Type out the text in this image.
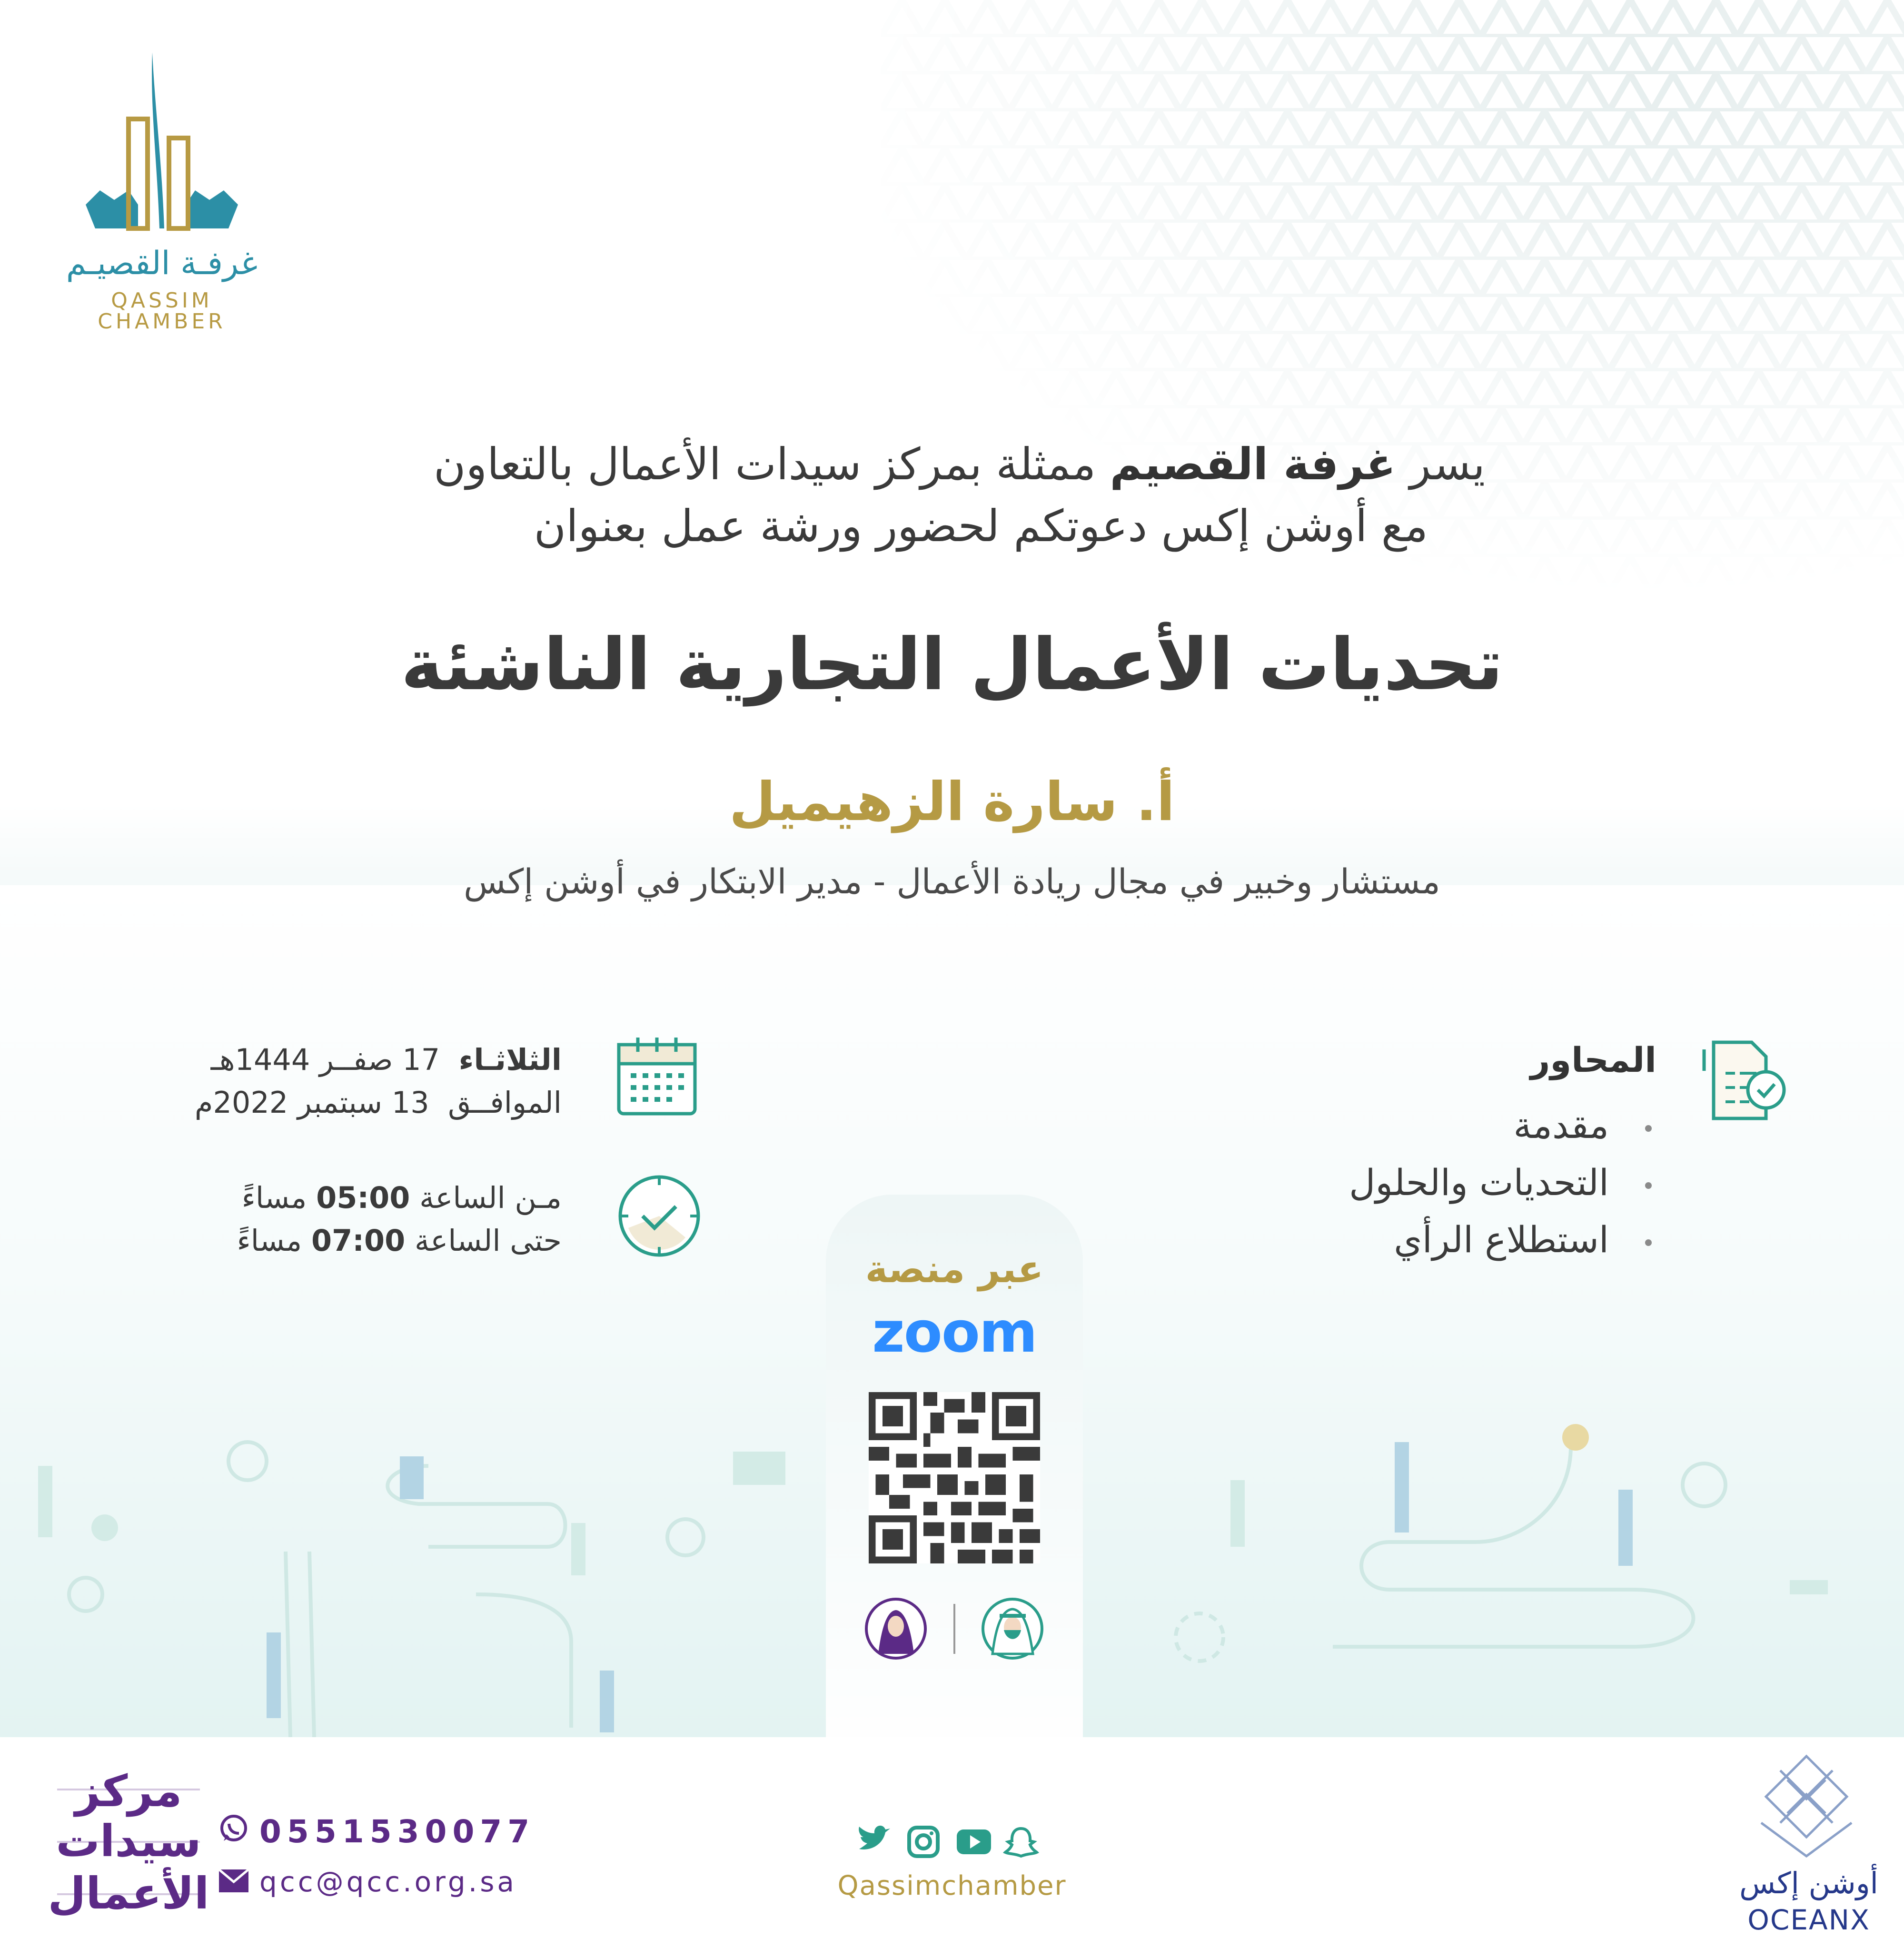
غرفـة القصيـم
QASSIM CHAMBER
يسر غرفة القصيم ممثلة بمركز سيدات الأعمال بالتعاون
مع أوشن إكس دعوتكم لحضور ورشة عمل بعنوان
تحديات الأعمال التجارية الناشئة
أ. سارة الزهيميل
مستشار وخبير في مجال ريادة الأعمال - مدير الابتكار في أوشن إكس
المحاور
مقدمة
التحديات والحلول
استطلاع الرأي
الثلاثـاء  17 صفــر 1444هـ
الموافــق  13 سبتمبر 2022م
مـن الساعة 05:00 مساءً
حتى الساعة 07:00 مساءً
عبر منصة
zoom
مركز
سيدات
الأعمال
0551530077
qcc@qcc.org.sa	Qassimchamber	أوشن إكس
OCEANX
